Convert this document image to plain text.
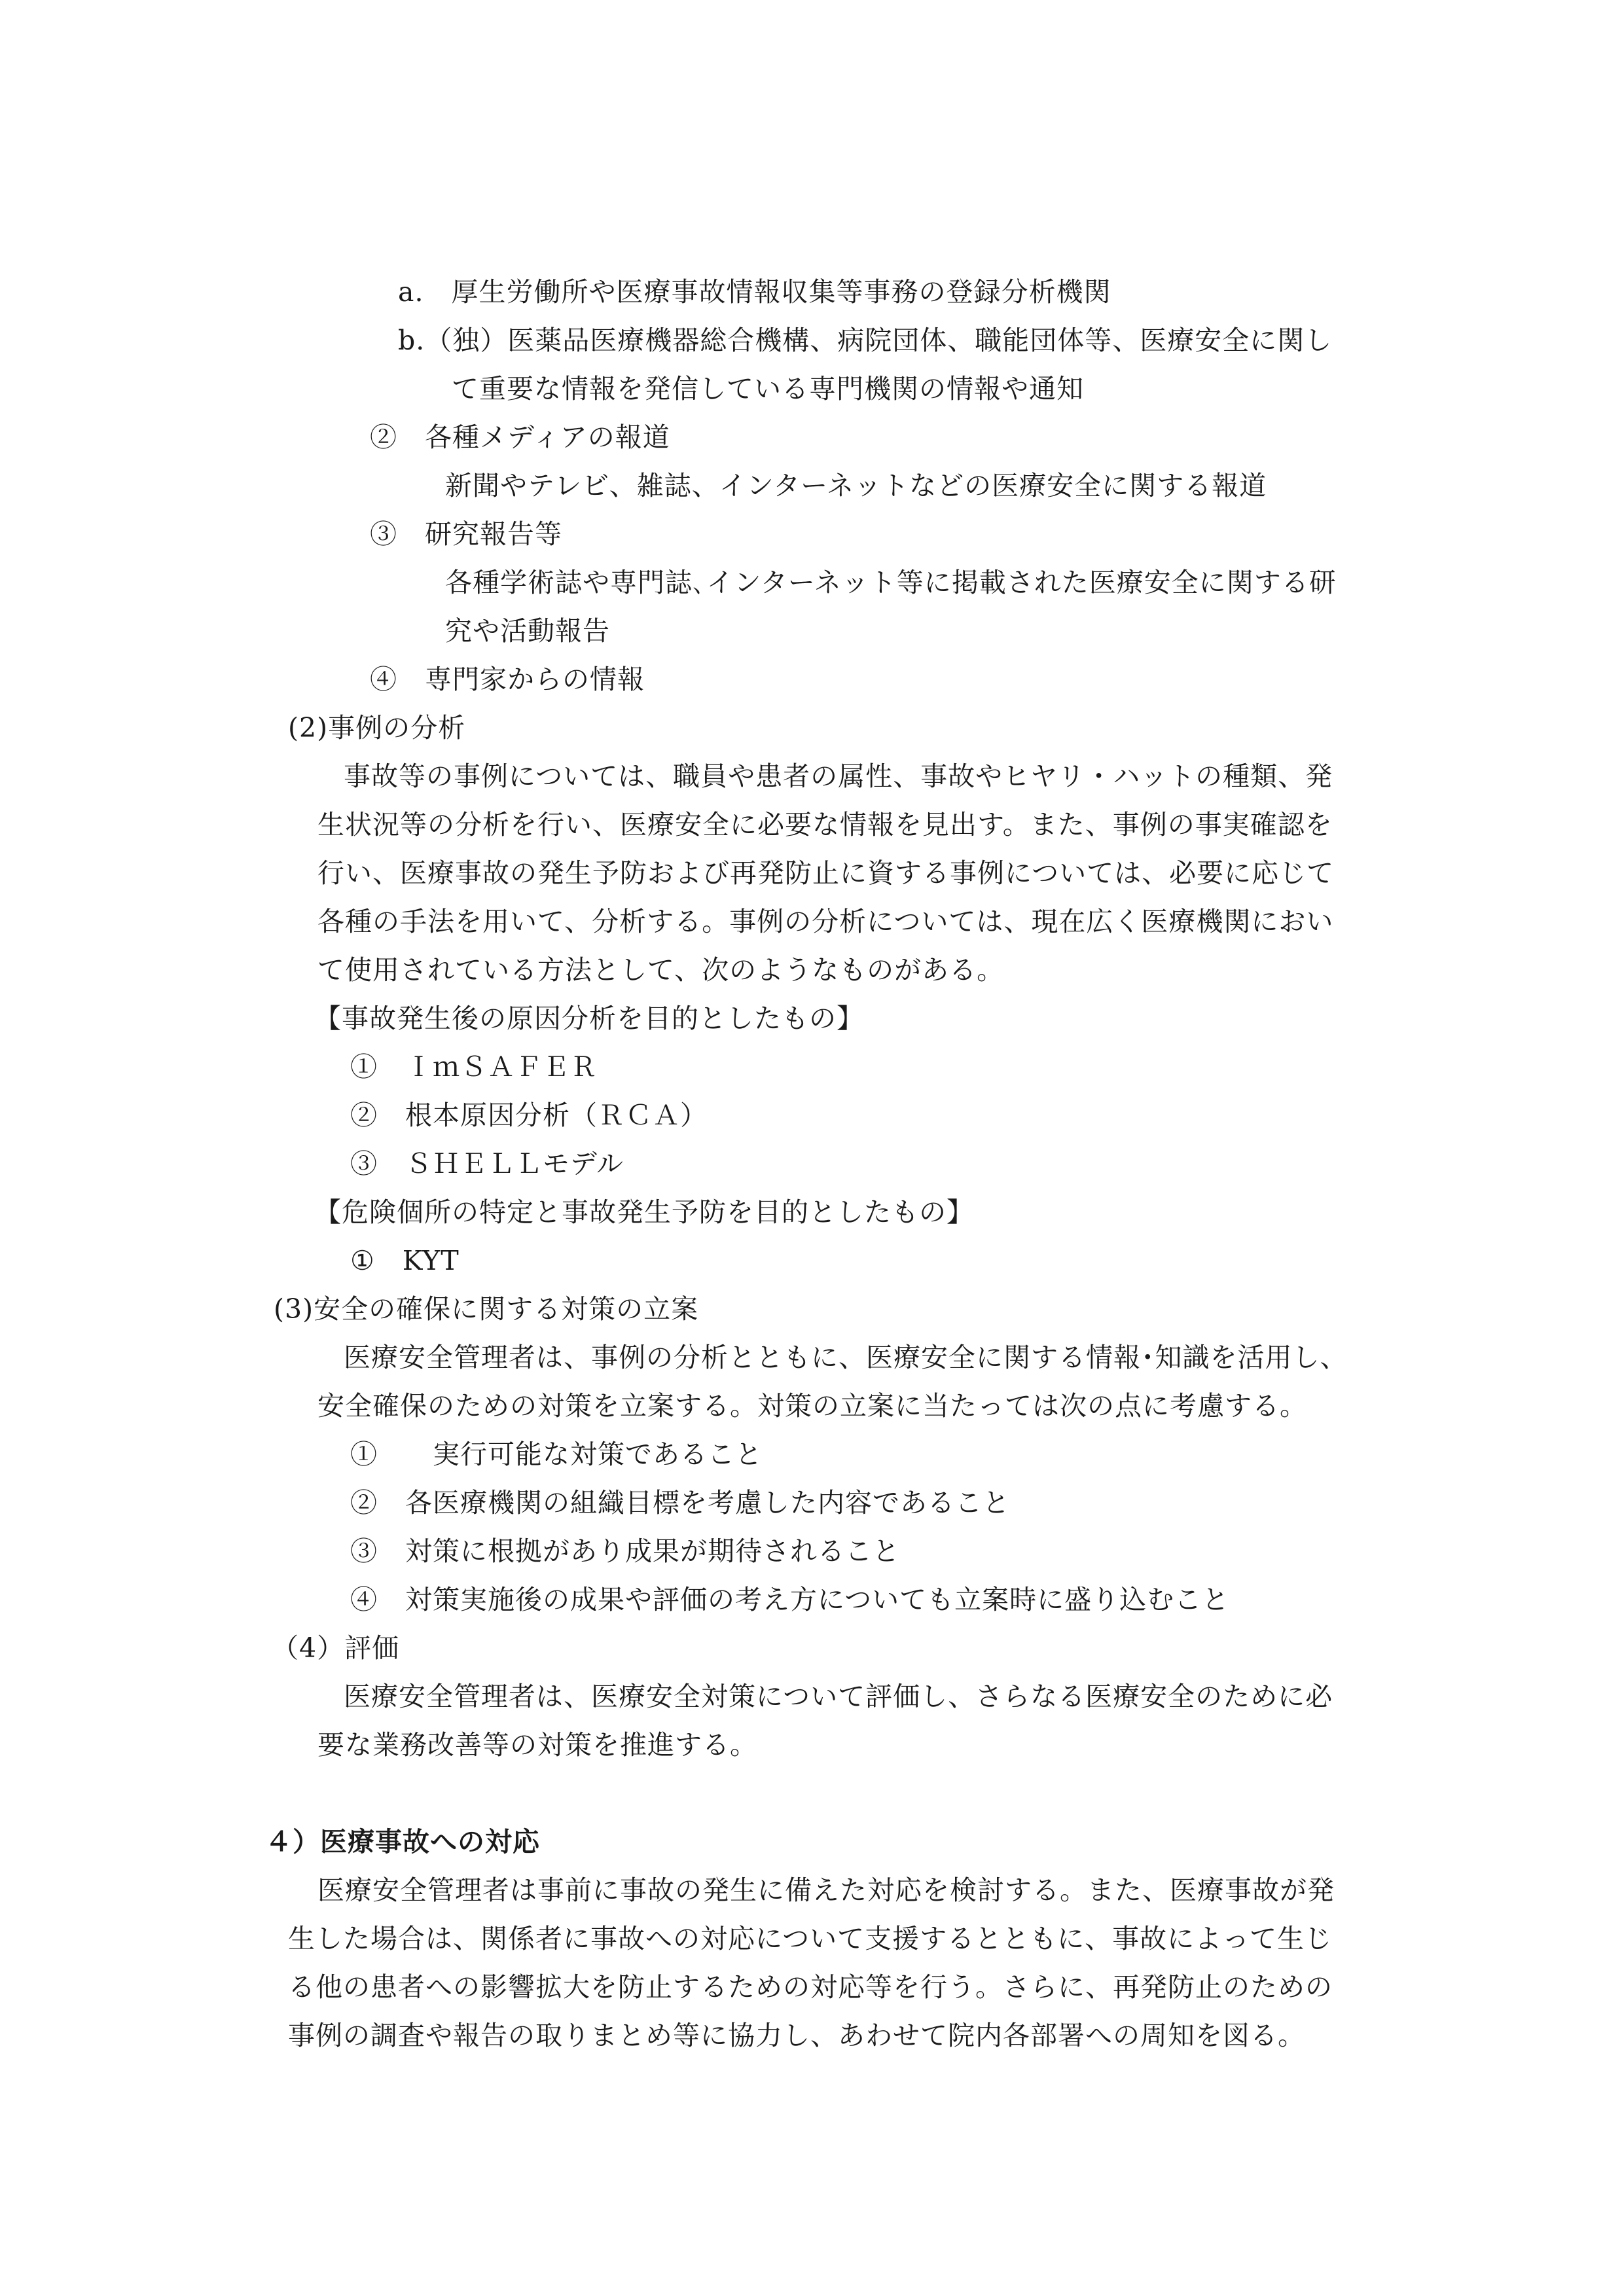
a.　厚生労働所や医療事故情報収集等事務の登録分析機関
b.（独）医薬品医療機器総合機構、病院団体、職能団体等、医療安全に関し
て重要な情報を発信している専門機関の情報や通知
②　各種メディアの報道
新聞やテレビ、雑誌、インターネットなどの医療安全に関する報道
③　研究報告等
各種学術誌や専門誌､インターネット等に掲載された医療安全に関する研
究や活動報告
④　専門家からの情報
(2)事例の分析
事故等の事例については、職員や患者の属性、事故やヒヤリ・ハットの種類、発
生状況等の分析を行い、医療安全に必要な情報を見出す。また、事例の事実確認を
行い、医療事故の発生予防および再発防止に資する事例については、必要に応じて
各種の手法を用いて、分析する。事例の分析については、現在広く医療機関におい
て使用されている方法として、次のようなものがある。
【事故発生後の原因分析を目的としたもの】
①　ＩｍＳＡＦＥＲ
②　根本原因分析（ＲＣＡ）
③　ＳＨＥＬＬモデル
【危険個所の特定と事故発生予防を目的としたもの】
①　KYT
(3)安全の確保に関する対策の立案
医療安全管理者は、事例の分析とともに、医療安全に関する情報･知識を活用し、
安全確保のための対策を立案する。対策の立案に当たっては次の点に考慮する。
①　　実行可能な対策であること
②　各医療機関の組織目標を考慮した内容であること
③　対策に根拠があり成果が期待されること
④　対策実施後の成果や評価の考え方についても立案時に盛り込むこと
（4）評価
医療安全管理者は、医療安全対策について評価し、さらなる医療安全のために必
要な業務改善等の対策を推進する。
４）医療事故への対応
医療安全管理者は事前に事故の発生に備えた対応を検討する。また、医療事故が発
生した場合は、関係者に事故への対応について支援するとともに、事故によって生じ
る他の患者への影響拡大を防止するための対応等を行う。さらに、再発防止のための
事例の調査や報告の取りまとめ等に協力し、あわせて院内各部署への周知を図る。
